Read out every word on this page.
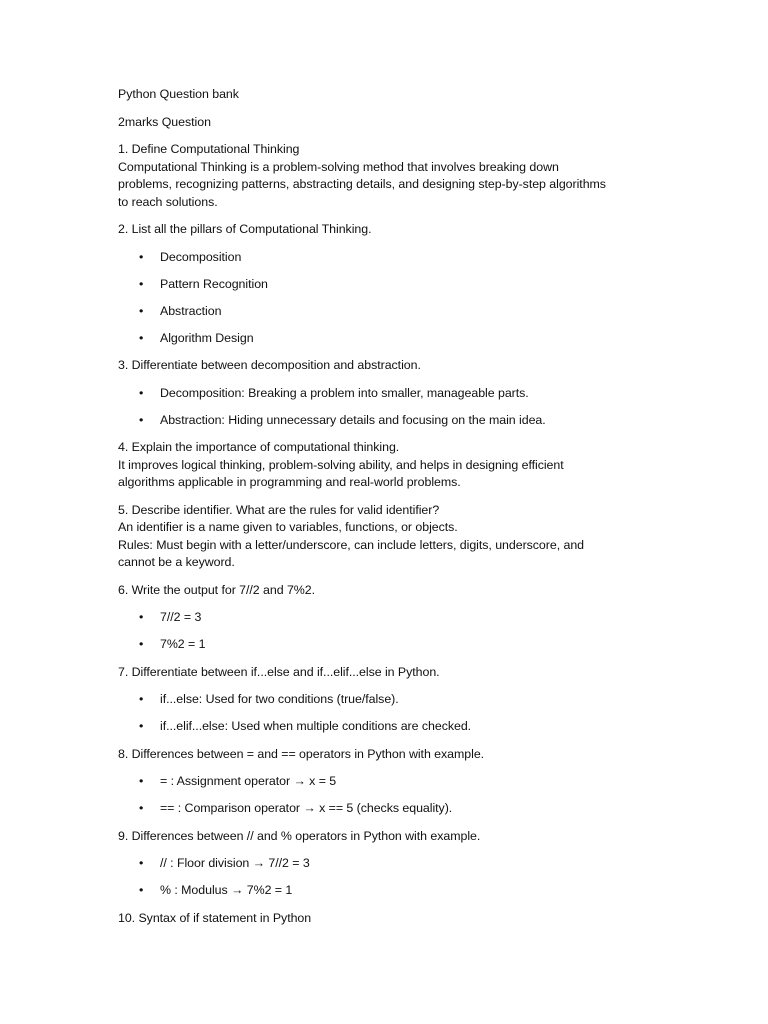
Python Question bank
2marks Question
1. Define Computational Thinking
Computational Thinking is a problem-solving method that involves breaking down
problems, recognizing patterns, abstracting details, and designing step-by-step algorithms
to reach solutions.
2. List all the pillars of Computational Thinking.
• Decomposition
• Pattern Recognition
• Abstraction
• Algorithm Design
3. Differentiate between decomposition and abstraction.
• Decomposition: Breaking a problem into smaller, manageable parts.
• Abstraction: Hiding unnecessary details and focusing on the main idea.
4. Explain the importance of computational thinking.
It improves logical thinking, problem-solving ability, and helps in designing efficient
algorithms applicable in programming and real-world problems.
5. Describe identifier. What are the rules for valid identifier?
An identifier is a name given to variables, functions, or objects.
Rules: Must begin with a letter/underscore, can include letters, digits, underscore, and
cannot be a keyword.
6. Write the output for 7//2 and 7%2.
• 7//2 = 3
• 7%2 = 1
7. Differentiate between if...else and if...elif...else in Python.
• if...else: Used for two conditions (true/false).
• if...elif...else: Used when multiple conditions are checked.
8. Differences between = and == operators in Python with example.
• = : Assignment operator → x = 5
• == : Comparison operator → x == 5 (checks equality).
9. Differences between // and % operators in Python with example.
• // : Floor division → 7//2 = 3
• % : Modulus → 7%2 = 1
10. Syntax of if statement in Python
